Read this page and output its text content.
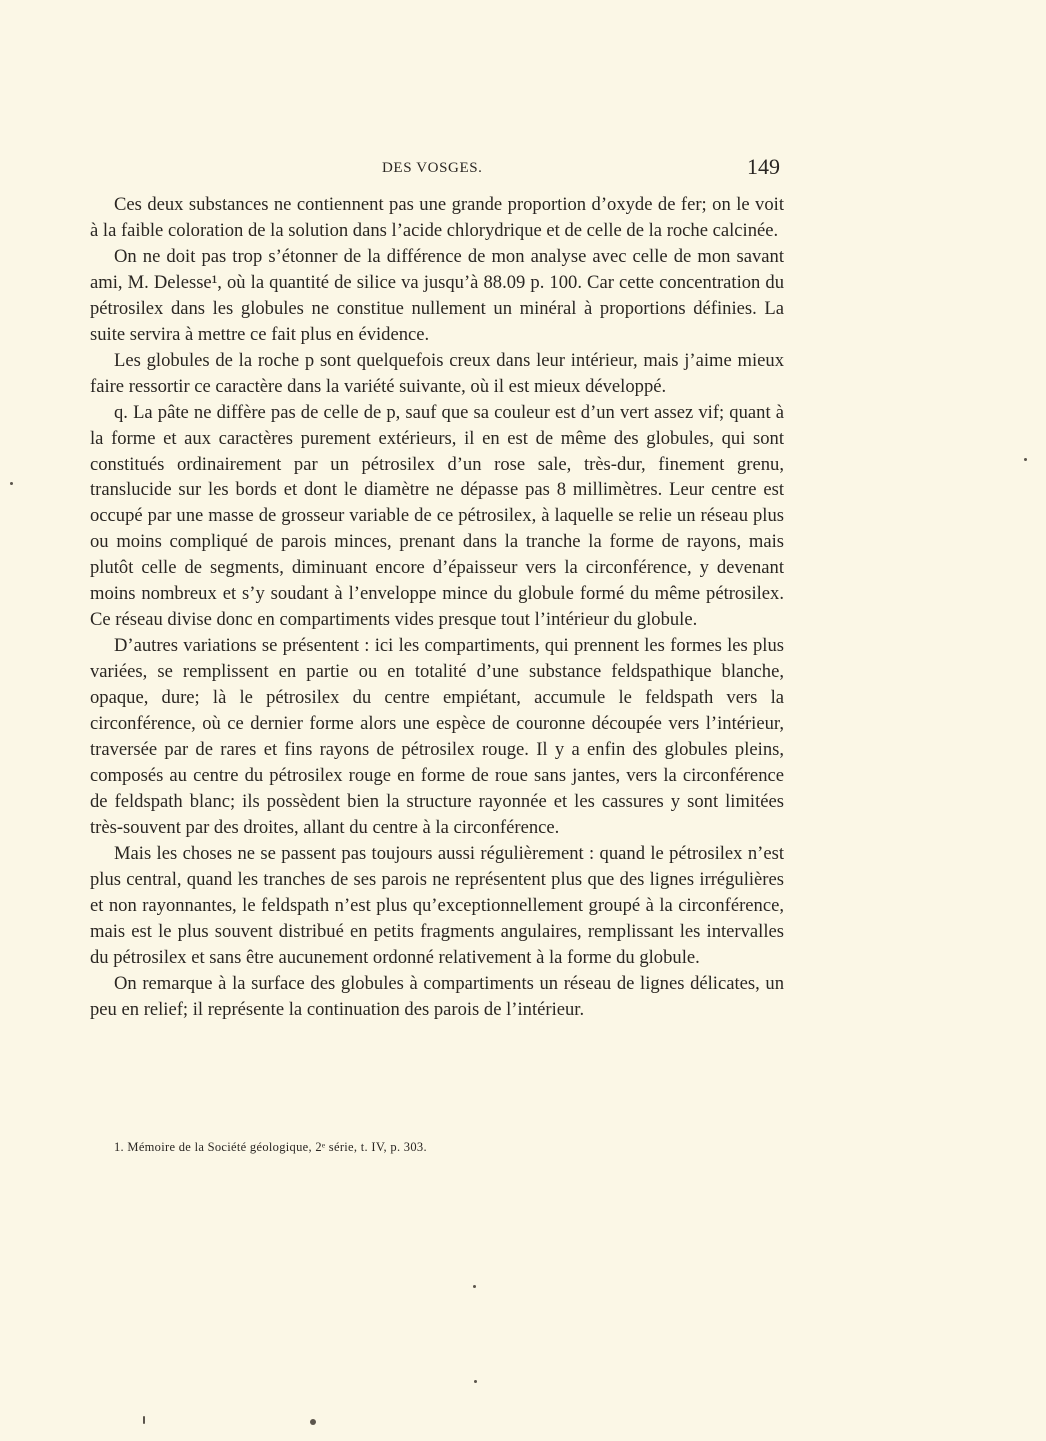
DES VOSGES.	149

Ces deux substances ne contiennent pas une grande proportion d’oxyde de fer; on le voit à la faible coloration de la solution dans l’acide chlorydrique et de celle de la roche calcinée.

On ne doit pas trop s’étonner de la différence de mon analyse avec celle de mon savant ami, M. Delesse¹, où la quantité de silice va jusqu’à 88.09 p. 100. Car cette concentration du pétrosilex dans les globules ne constitue nullement un minéral à proportions définies. La suite servira à mettre ce fait plus en évidence.

Les globules de la roche p sont quelquefois creux dans leur intérieur, mais j’aime mieux faire ressortir ce caractère dans la variété suivante, où il est mieux développé.

q. La pâte ne diffère pas de celle de p, sauf que sa couleur est d’un vert assez vif; quant à la forme et aux caractères purement extérieurs, il en est de même des globules, qui sont constitués ordinairement par un pétrosilex d’un rose sale, très-dur, finement grenu, translucide sur les bords et dont le diamètre ne dépasse pas 8 millimètres. Leur centre est occupé par une masse de grosseur variable de ce pétrosilex, à laquelle se relie un réseau plus ou moins compliqué de parois minces, prenant dans la tranche la forme de rayons, mais plutôt celle de segments, diminuant encore d’épaisseur vers la circonférence, y devenant moins nombreux et s’y soudant à l’enveloppe mince du globule formé du même pétrosilex. Ce réseau divise donc en compartiments vides presque tout l’intérieur du globule.

D’autres variations se présentent : ici les compartiments, qui prennent les formes les plus variées, se remplissent en partie ou en totalité d’une substance feldspathique blanche, opaque, dure; là le pétrosilex du centre empiétant, accumule le feldspath vers la circonférence, où ce dernier forme alors une espèce de couronne découpée vers l’intérieur, traversée par de rares et fins rayons de pétrosilex rouge. Il y a enfin des globules pleins, composés au centre du pétrosilex rouge en forme de roue sans jantes, vers la circonférence de feldspath blanc; ils possèdent bien la structure rayonnée et les cassures y sont limitées très-souvent par des droites, allant du centre à la circonférence.

Mais les choses ne se passent pas toujours aussi régulièrement : quand le pétrosilex n’est plus central, quand les tranches de ses parois ne représentent plus que des lignes irrégulières et non rayonnantes, le feldspath n’est plus qu’exceptionnellement groupé à la circonférence, mais est le plus souvent distribué en petits fragments angulaires, remplissant les intervalles du pétrosilex et sans être aucunement ordonné relativement à la forme du globule.

On remarque à la surface des globules à compartiments un réseau de lignes délicates, un peu en relief; il représente la continuation des parois de l’intérieur.

1. Mémoire de la Société géologique, 2ᵉ série, t. IV, p. 303.
